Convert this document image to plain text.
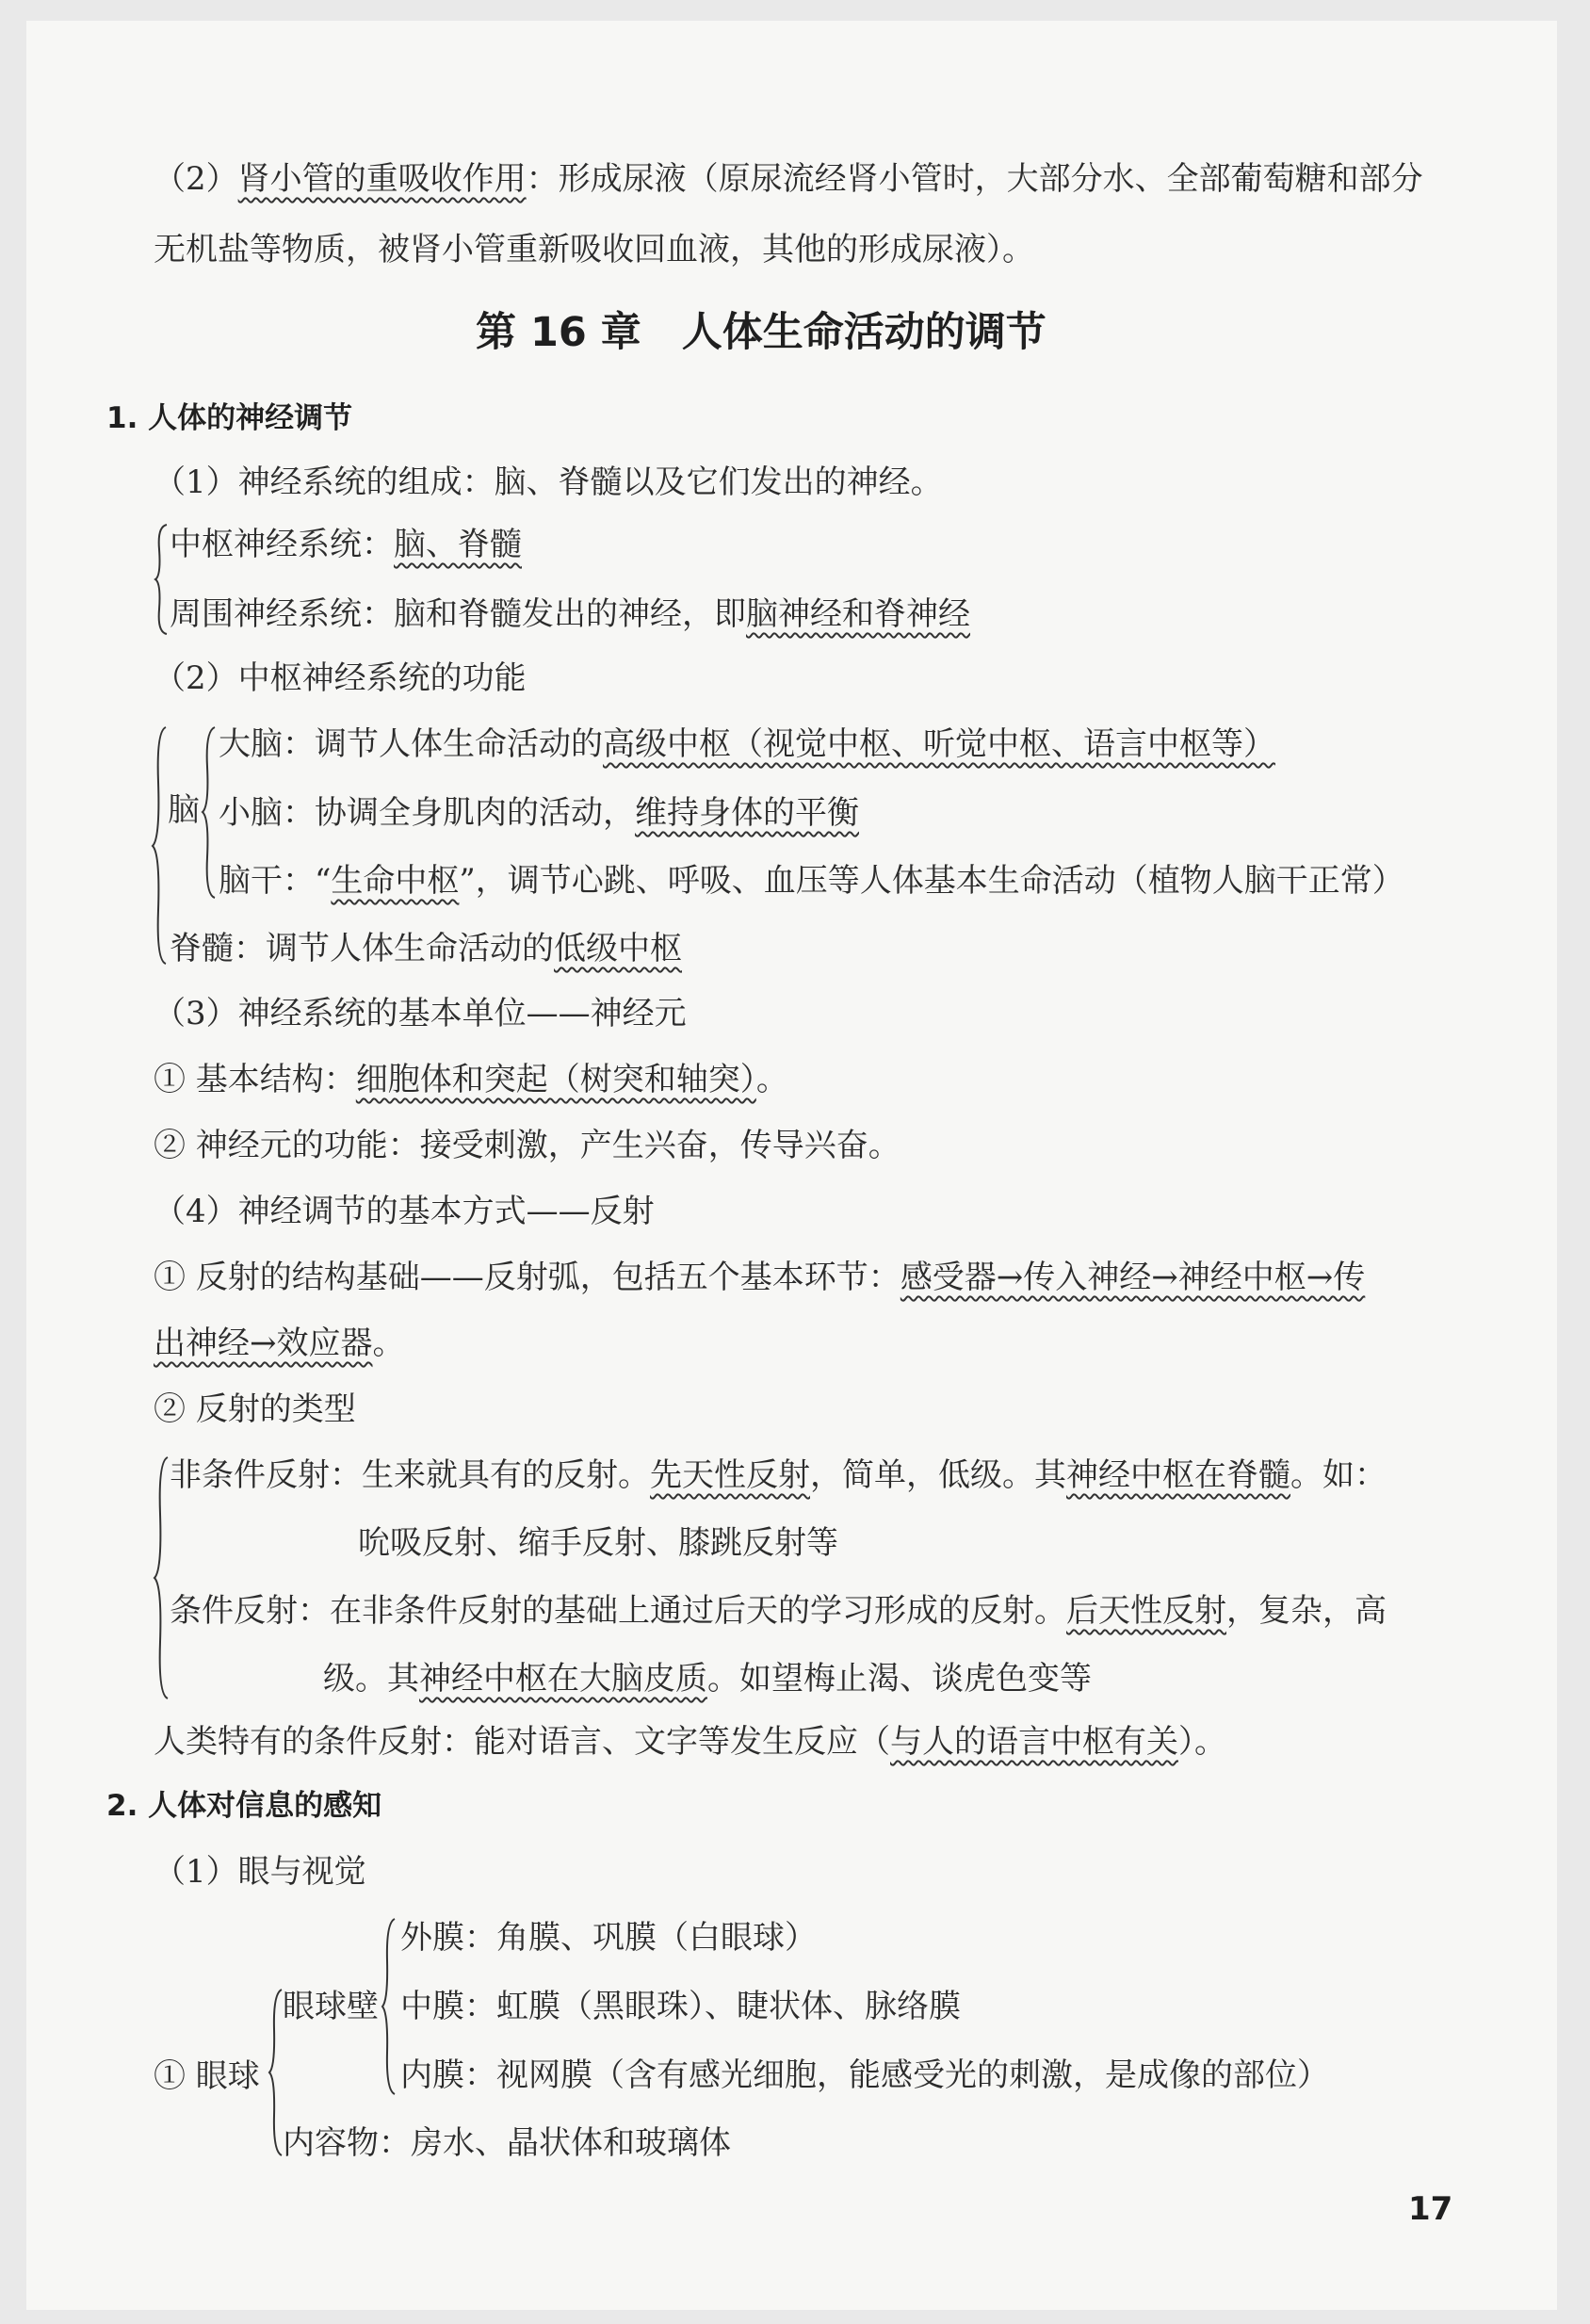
（2）肾小管的重吸收作用：形成尿液（原尿流经肾小管时，大部分水、全部葡萄糖和部分
无机盐等物质，被肾小管重新吸收回血液，其他的形成尿液）。
第 16 章　人体生命活动的调节
1. 人体的神经调节
（1）神经系统的组成：脑、脊髓以及它们发出的神经。
中枢神经系统：脑、脊髓
周围神经系统：脑和脊髓发出的神经，即脑神经和脊神经
（2）中枢神经系统的功能
脑
大脑：调节人体生命活动的高级中枢（视觉中枢、听觉中枢、语言中枢等）
小脑：协调全身肌肉的活动，维持身体的平衡
脑干：“生命中枢”，调节心跳、呼吸、血压等人体基本生命活动（植物人脑干正常）
脊髓：调节人体生命活动的低级中枢
（3）神经系统的基本单位——神经元
① 基本结构：细胞体和突起（树突和轴突）。
② 神经元的功能：接受刺激，产生兴奋，传导兴奋。
（4）神经调节的基本方式——反射
① 反射的结构基础——反射弧，包括五个基本环节：感受器→传入神经→神经中枢→传
出神经→效应器。
② 反射的类型
非条件反射：生来就具有的反射。先天性反射，简单，低级。其神经中枢在脊髓。如：
吮吸反射、缩手反射、膝跳反射等
条件反射：在非条件反射的基础上通过后天的学习形成的反射。后天性反射，复杂，高
级。其神经中枢在大脑皮质。如望梅止渴、谈虎色变等
人类特有的条件反射：能对语言、文字等发生反应（与人的语言中枢有关）。
2. 人体对信息的感知
（1）眼与视觉
① 眼球
眼球壁
外膜：角膜、巩膜（白眼球）
中膜：虹膜（黑眼珠）、睫状体、脉络膜
内膜：视网膜（含有感光细胞，能感受光的刺激，是成像的部位）
内容物：房水、晶状体和玻璃体
17
